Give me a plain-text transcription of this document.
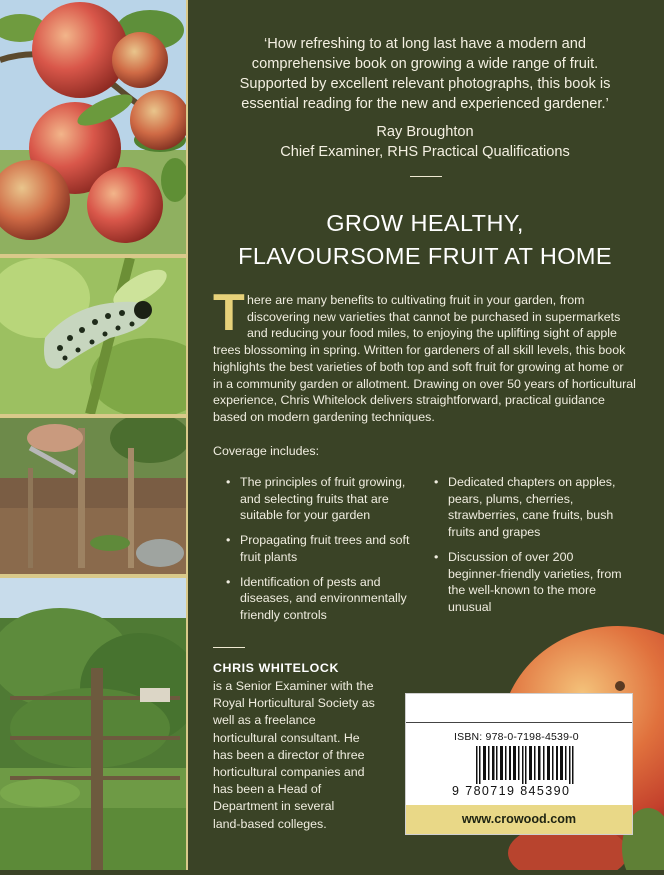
‘How refreshing to at long last have a modern and
comprehensive book on growing a wide range of fruit.
Supported by excellent relevant photographs, this book is
essential reading for the new and experienced gardener.’
Ray Broughton
Chief Examiner, RHS Practical Qualifications
GROW HEALTHY,
FLAVOURSOME FRUIT AT HOME
T here are many benefits to cultivating fruit in your garden, from
discovering new varieties that cannot be purchased in supermarkets
and reducing your food miles, to enjoying the uplifting sight of apple
trees blossoming in spring. Written for gardeners of all skill levels, this book
highlights the best varieties of both top and soft fruit for growing at home or
in a community garden or allotment. Drawing on over 50 years of horticultural
experience, Chris Whitelock delivers straightforward, practical guidance
based on modern gardening techniques.
Coverage includes:
• The principles of fruit growing,
and selecting fruits that are
suitable for your garden
• Propagating fruit trees and soft
fruit plants
• Identification of pests and
diseases, and environmentally
friendly controls
• Dedicated chapters on apples,
pears, plums, cherries,
strawberries, cane fruits, bush
fruits and grapes
• Discussion of over 200
beginner-friendly varieties, from
the well-known to the more
unusual
CHRIS WHITELOCK
is a Senior Examiner with the
Royal Horticultural Society as
well as a freelance
horticultural consultant. He
has been a director of three
horticultural companies and
has been a Head of
Department in several
land-based colleges.
ISBN: 978-0-7198-4539-0
9 780719 845390
www.crowood.com
